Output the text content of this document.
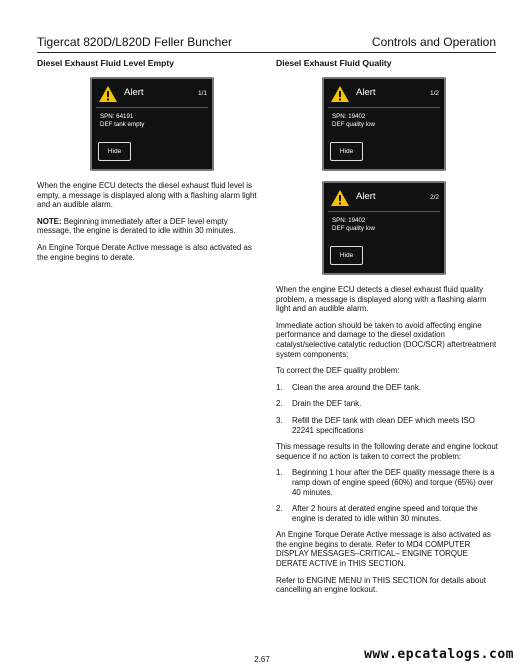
Tigercat 820D/L820D Feller Buncher	Controls and Operation
Diesel Exhaust Fluid Level Empty
Alert	1/1
SPN: 64191
DEF tank empty
Hide

When the engine ECU detects the diesel exhaust fluid level is empty, a message is displayed along with a flashing alarm light and an audible alarm.

NOTE: Beginning immediately after a DEF level empty message, the engine is derated to idle within 30 minutes.

An Engine Torque Derate Active message is also activated as the engine begins to derate.

Diesel Exhaust Fluid Quality
Alert	1/2
SPN: 19402
DEF quality low
Hide
Alert	2/2
SPN: 19402
DEF quality low
Hide

When the engine ECU detects a diesel exhaust fluid quality problem, a message is displayed along with a flashing alarm light and an audible alarm.

Immediate action should be taken to avoid affecting engine performance and damage to the diesel oxidation catalyst/selective catalytic reduction (DOC/SCR) aftertreatment system components:

To correct the DEF quality problem:

1. Clean the area around the DEF tank.
2. Drain the DEF tank.
3. Refill the DEF tank with clean DEF which meets ISO 22241 specifications

This message results in the following derate and engine lockout sequence if no action is taken to correct the problem:

1. Beginning 1 hour after the DEF quality message there is a ramp down of engine speed (60%) and torque (65%) over 40 minutes.
2. After 2 hours at derated engine speed and torque the engine is derated to idle within 30 minutes.

An Engine Torque Derate Active message is also activated as the engine begins to derate. Refer to MD4 COMPUTER DISPLAY MESSAGES–CRITICAL– ENGINE TORQUE DERATE ACTIVE in THIS SECTION.

Refer to ENGINE MENU in THIS SECTION for details about cancelling an engine lockout.

2.67	www.epcatalogs.com
